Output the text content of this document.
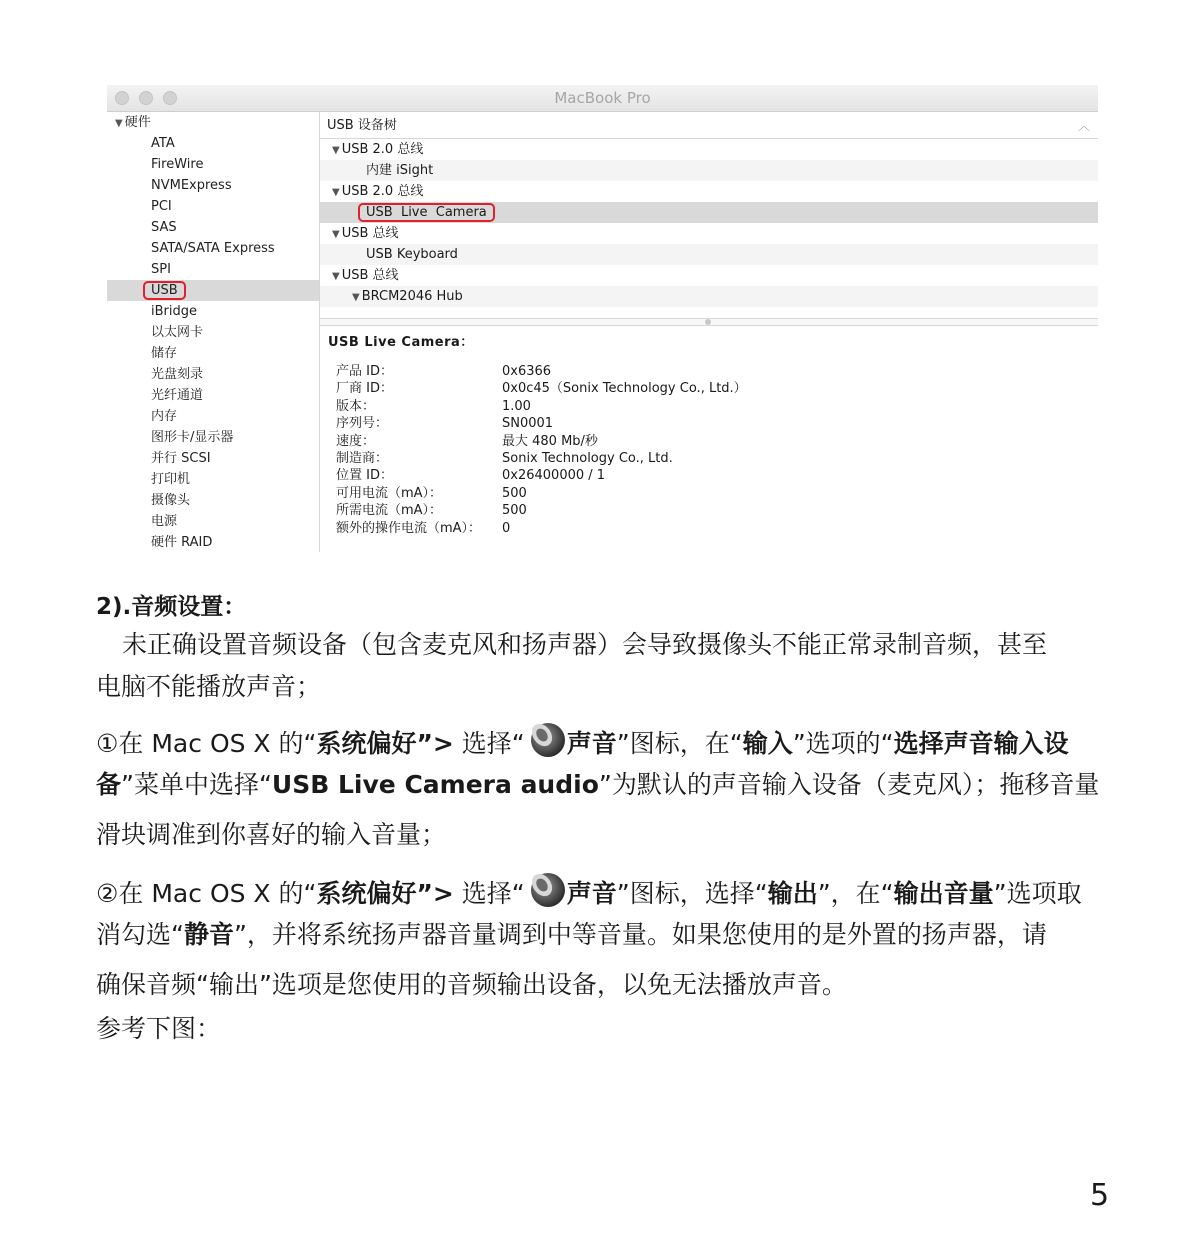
MacBook Pro
▼ 硬件
ATA
FireWire
NVMExpress
PCI
SAS
SATA/SATA Express
SPI
USB
iBridge
以太网卡
储存
光盘刻录
光纤通道
内存
图形卡/显示器
并行 SCSI
打印机
摄像头
电源
硬件 RAID
USB 设备树	︿
▼ USB 2.0 总线
内建 iSight
▼ USB 2.0 总线
USB  Live  Camera
▼ USB 总线
USB Keyboard
▼ USB 总线
▼ BRCM2046 Hub
USB Live Camera：
产品 ID：	0x6366
厂商 ID：	0x0c45（Sonix Technology Co., Ltd.）
版本：	1.00
序列号：	SN0001
速度：	最大 480 Mb/秒
制造商：	Sonix Technology Co., Ltd.
位置 ID：	0x26400000 / 1
可用电流（mA）：	500
所需电流（mA）：	500
额外的操作电流（mA）： 0
2).音频设置：
未正确设置音频设备（包含麦克风和扬声器）会导致摄像头不能正常录制音频，甚至
电脑不能播放声音；
①在 Mac OS X 的“系统偏好”> 选择“ 声音”图标，在“输入”选项的“选择声音输入设
备”菜单中选择“USB Live Camera audio”为默认的声音输入设备（麦克风）；拖移音量
滑块调准到你喜好的输入音量；
②在 Mac OS X 的“系统偏好”> 选择“ 声音”图标，选择“输出”，在“输出音量”选项取
消勾选“静音”，并将系统扬声器音量调到中等音量。如果您使用的是外置的扬声器，请
确保音频“输出”选项是您使用的音频输出设备，以免无法播放声音。
参考下图：
5
